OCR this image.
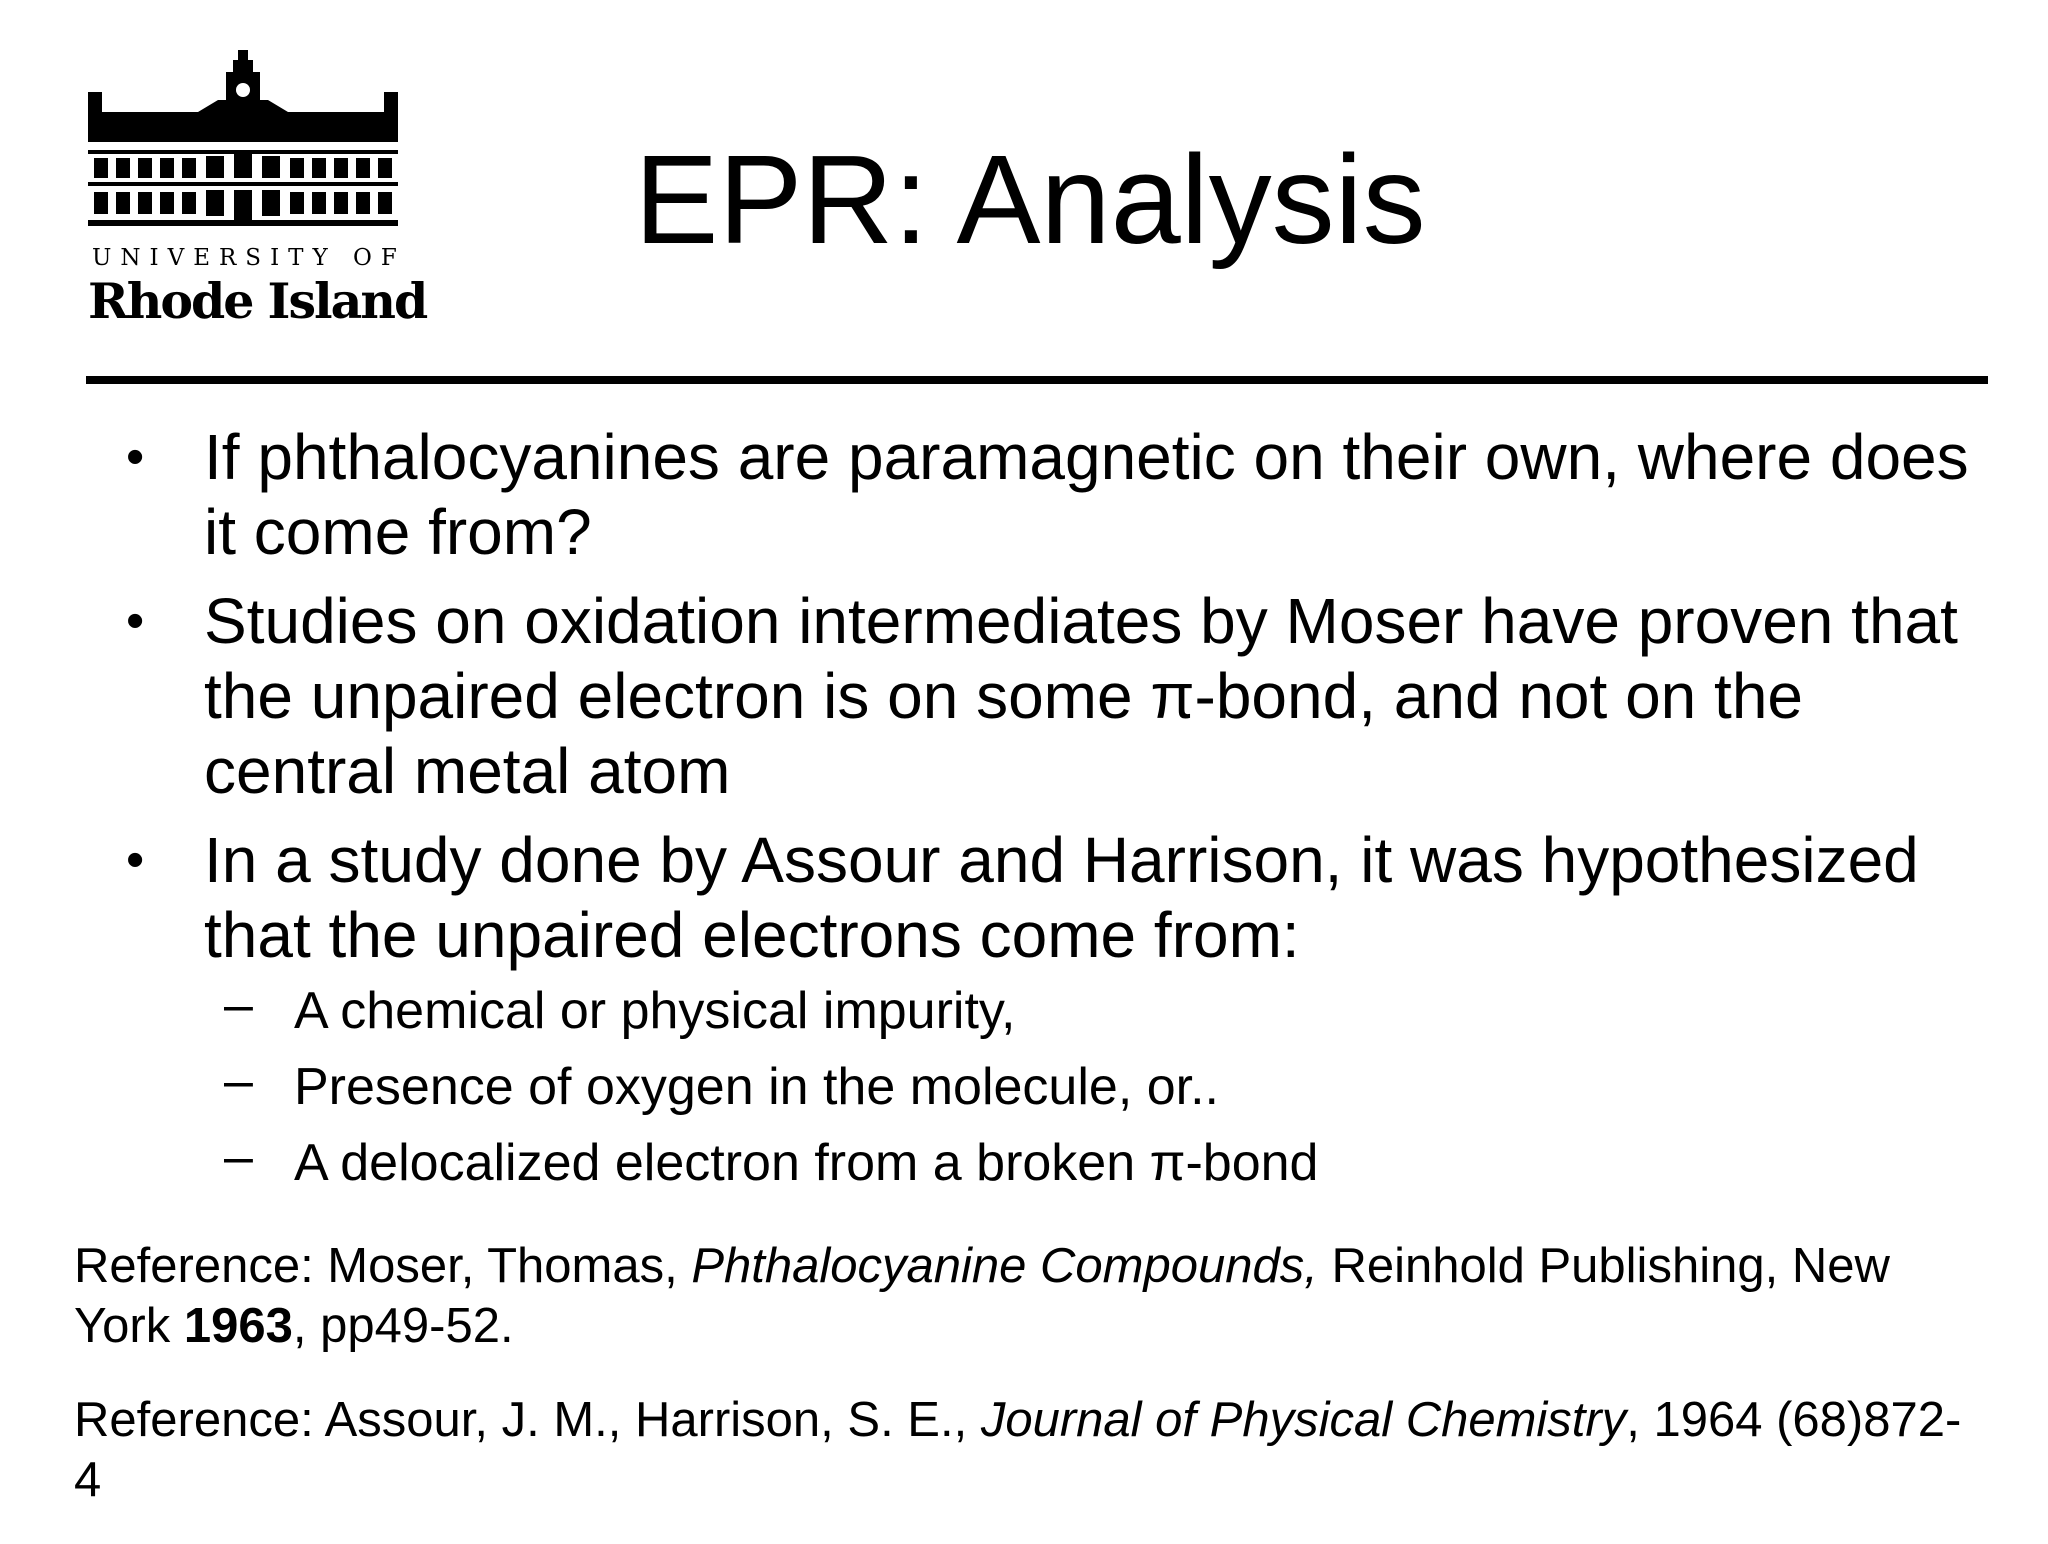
UNIVERSITY OF
Rhode Island
EPR: Analysis
• If phthalocyanines are paramagnetic on their own, where does it come from?
• Studies on oxidation intermediates by Moser have proven that the unpaired electron is on some π-bond, and not on the central metal atom
• In a study done by Assour and Harrison, it was hypothesized that the unpaired electrons come from:
– A chemical or physical impurity,
– Presence of oxygen in the molecule, or..
– A delocalized electron from a broken π-bond
Reference: Moser, Thomas, Phthalocyanine Compounds, Reinhold Publishing, New York 1963, pp49-52.
Reference: Assour, J. M., Harrison, S. E., Journal of Physical Chemistry, 1964 (68)872-4
